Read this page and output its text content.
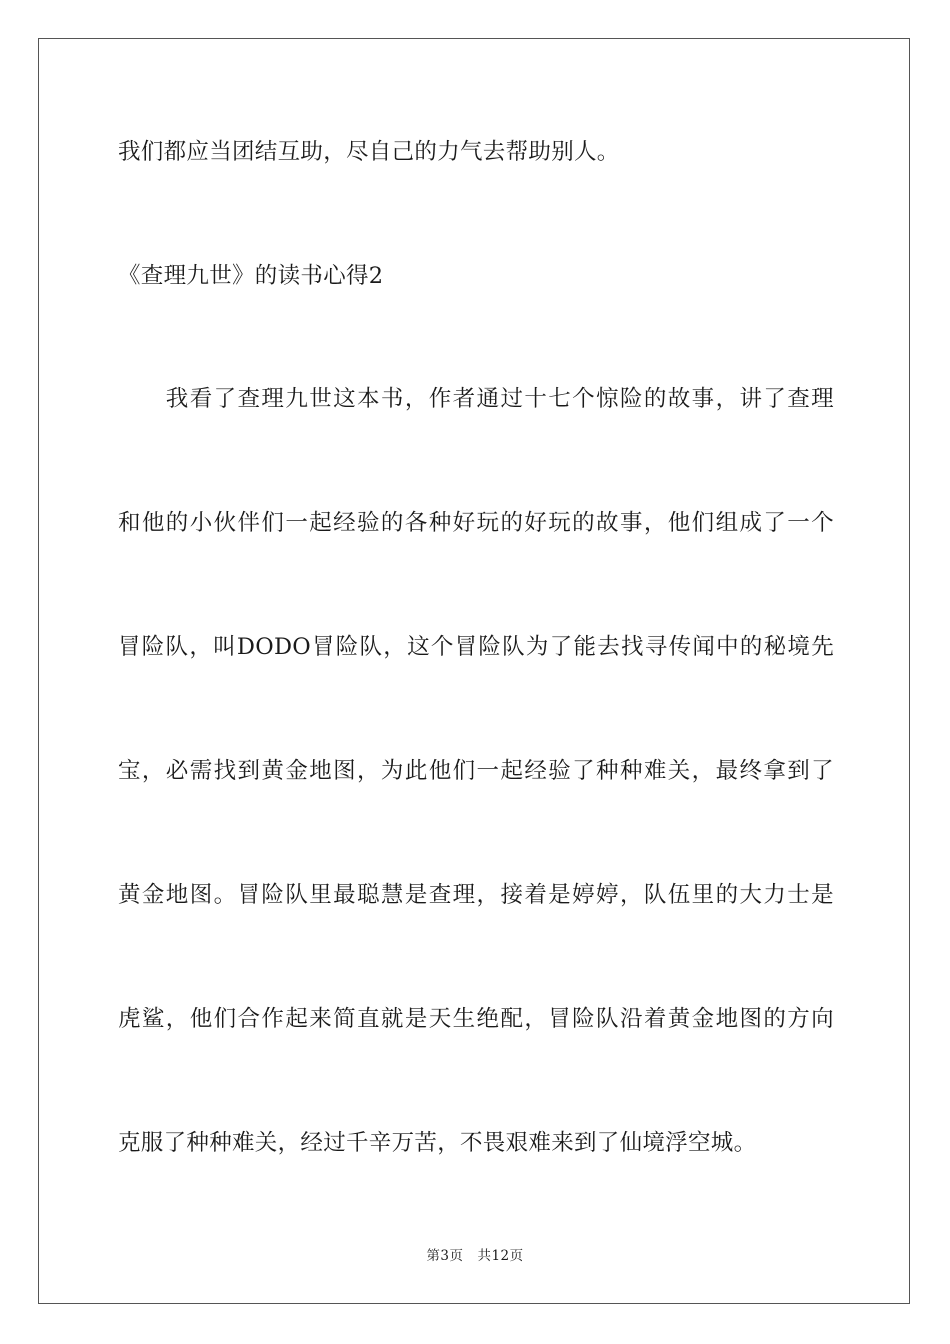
我们都应当团结互助，尽自己的力气去帮助别人。
《查理九世》的读书心得2
　　我看了查理九世这本书，作者通过十七个惊险的故事，讲了查理
和他的小伙伴们一起经验的各种好玩的好玩的故事，他们组成了一个
冒险队，叫DODO冒险队，这个冒险队为了能去找寻传闻中的秘境先
宝，必需找到黄金地图，为此他们一起经验了种种难关，最终拿到了
黄金地图。冒险队里最聪慧是查理，接着是婷婷，队伍里的大力士是
虎鲨，他们合作起来简直就是天生绝配，冒险队沿着黄金地图的方向
克服了种种难关，经过千辛万苦，不畏艰难来到了仙境浮空城。
第3页　共12页
